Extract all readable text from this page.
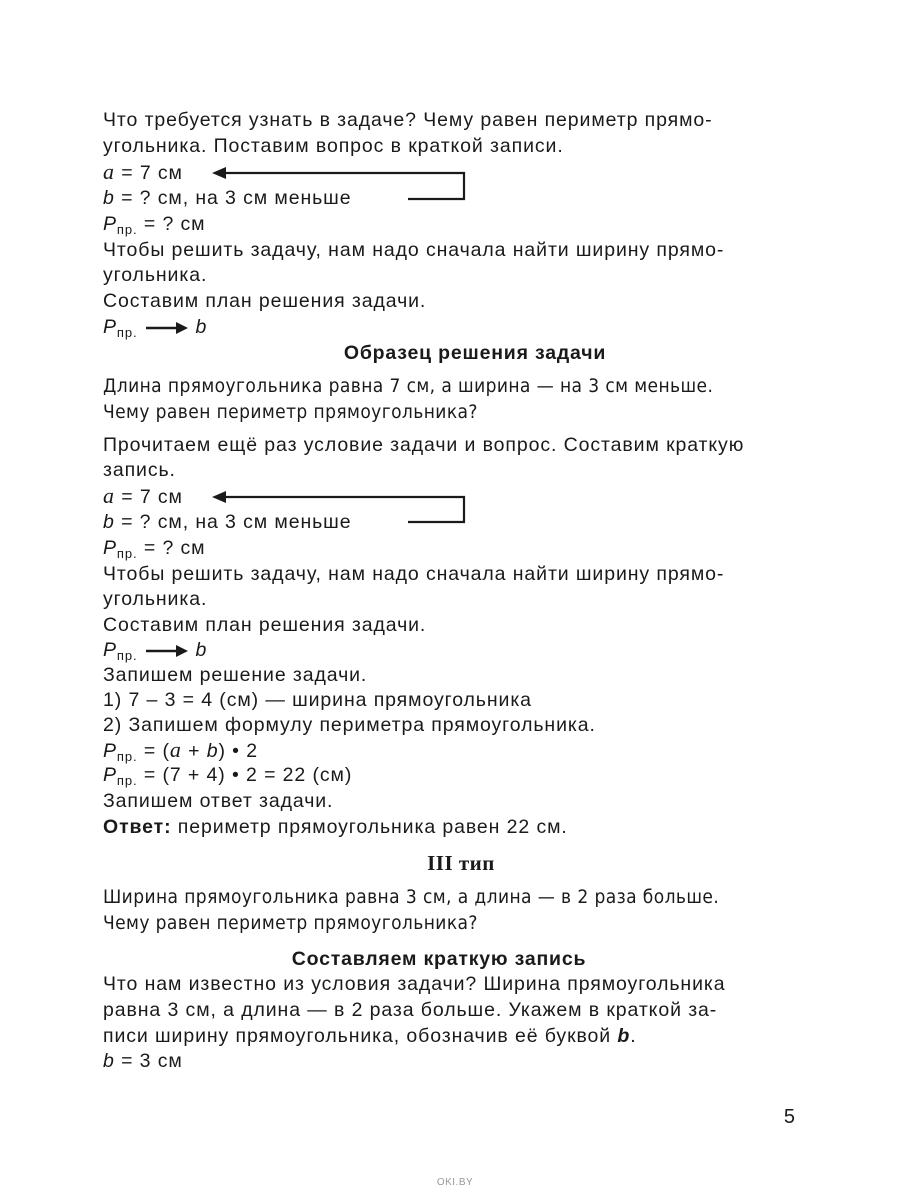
Что требуется узнать в задаче? Чему равен периметр прямо-
угольника. Поставим вопрос в краткой записи.
a = 7 см
b = ? см, на 3 см меньше
$P_{пр.}$ = ? см
Чтобы решить задачу, нам надо сначала найти ширину прямо-
угольника.
Составим план решения задачи.
$P_{пр.}$	b
Образец решения задачи
Длина прямоугольника равна 7 см, а ширина — на 3 см меньше.
Чему равен периметр прямоугольника?
Прочитаем ещё раз условие задачи и вопрос. Составим краткую
запись.
a = 7 см
b = ? см, на 3 см меньше
$P_{пр.}$ = ? см
Чтобы решить задачу, нам надо сначала найти ширину прямо-
угольника.
Составим план решения задачи.
$P_{пр.}$	b
Запишем решение задачи.
1) 7 – 3 = 4 (см) — ширина прямоугольника
2) Запишем формулу периметра прямоугольника.
$P_{пр.} = (a + b)$ • 2
$P_{пр.} = (7 + 4)$ • 2 = 22 (см)
Запишем ответ задачи.
Ответ: периметр прямоугольника равен 22 см.
III тип
Ширина прямоугольника равна 3 см, а длина — в 2 раза больше.
Чему равен периметр прямоугольника?
Составляем краткую запись
Что нам известно из условия задачи? Ширина прямоугольника
равна 3 см, а длина — в 2 раза больше. Укажем в краткой за-
писи ширину прямоугольника, обозначив её буквой b.
b = 3 см
5
OKI.BY
